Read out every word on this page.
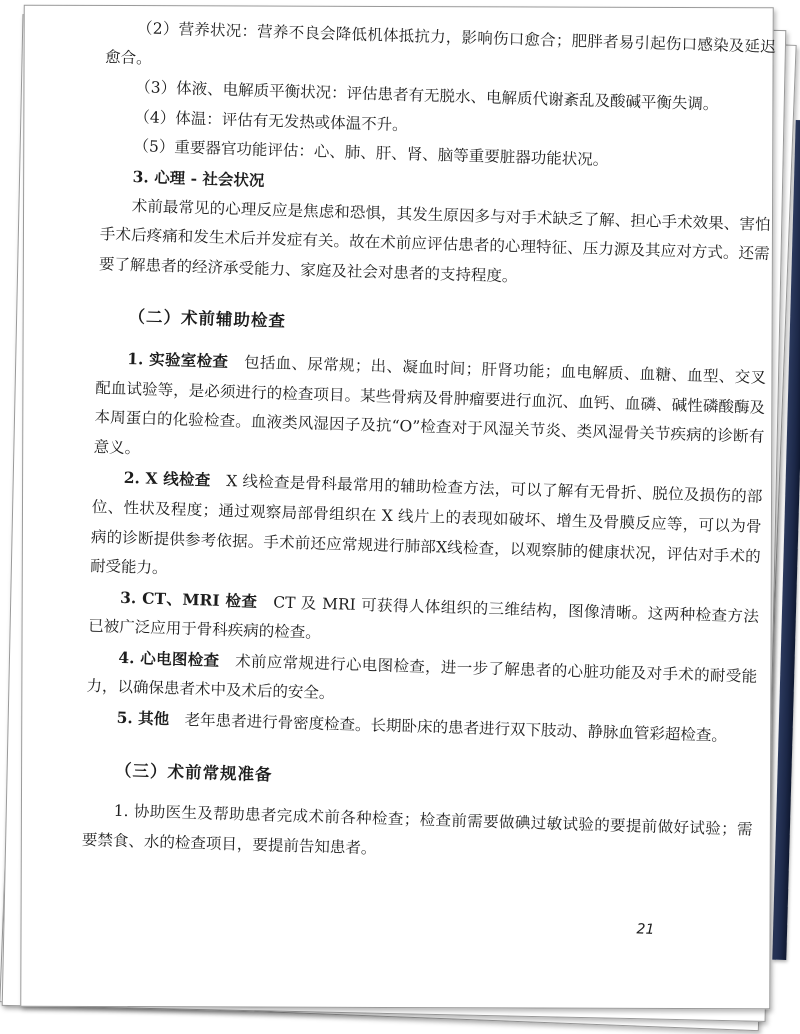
（2）营养状况：营养不良会降低机体抵抗力，影响伤口愈合；肥胖者易引起伤口感染及延迟愈合。

（3）体液、电解质平衡状况：评估患者有无脱水、电解质代谢紊乱及酸碱平衡失调。

（4）体温：评估有无发热或体温不升。

（5）重要器官功能评估：心、肺、肝、肾、脑等重要脏器功能状况。

3. 心理 - 社会状况

术前最常见的心理反应是焦虑和恐惧，其发生原因多与对手术缺乏了解、担心手术效果、害怕手术后疼痛和发生术后并发症有关。故在术前应评估患者的心理特征、压力源及其应对方式。还需要了解患者的经济承受能力、家庭及社会对患者的支持程度。

（二）术前辅助检查

1. 实验室检查　包括血、尿常规；出、凝血时间；肝肾功能；血电解质、血糖、血型、交叉配血试验等，是必须进行的检查项目。某些骨病及骨肿瘤要进行血沉、血钙、血磷、碱性磷酸酶及本周蛋白的化验检查。血液类风湿因子及抗“O”检查对于风湿关节炎、类风湿骨关节疾病的诊断有意义。

2. X 线检查　X 线检查是骨科最常用的辅助检查方法，可以了解有无骨折、脱位及损伤的部位、性状及程度；通过观察局部骨组织在 X 线片上的表现如破坏、增生及骨膜反应等，可以为骨病的诊断提供参考依据。手术前还应常规进行肺部X线检查，以观察肺的健康状况，评估对手术的耐受能力。

3. CT、MRI 检查　CT 及 MRI 可获得人体组织的三维结构，图像清晰。这两种检查方法已被广泛应用于骨科疾病的检查。

4. 心电图检查　术前应常规进行心电图检查，进一步了解患者的心脏功能及对手术的耐受能力，以确保患者术中及术后的安全。

5. 其他　老年患者进行骨密度检查。长期卧床的患者进行双下肢动、静脉血管彩超检查。

（三）术前常规准备

1. 协助医生及帮助患者完成术前各种检查；检查前需要做碘过敏试验的要提前做好试验；需要禁食、水的检查项目，要提前告知患者。

21
